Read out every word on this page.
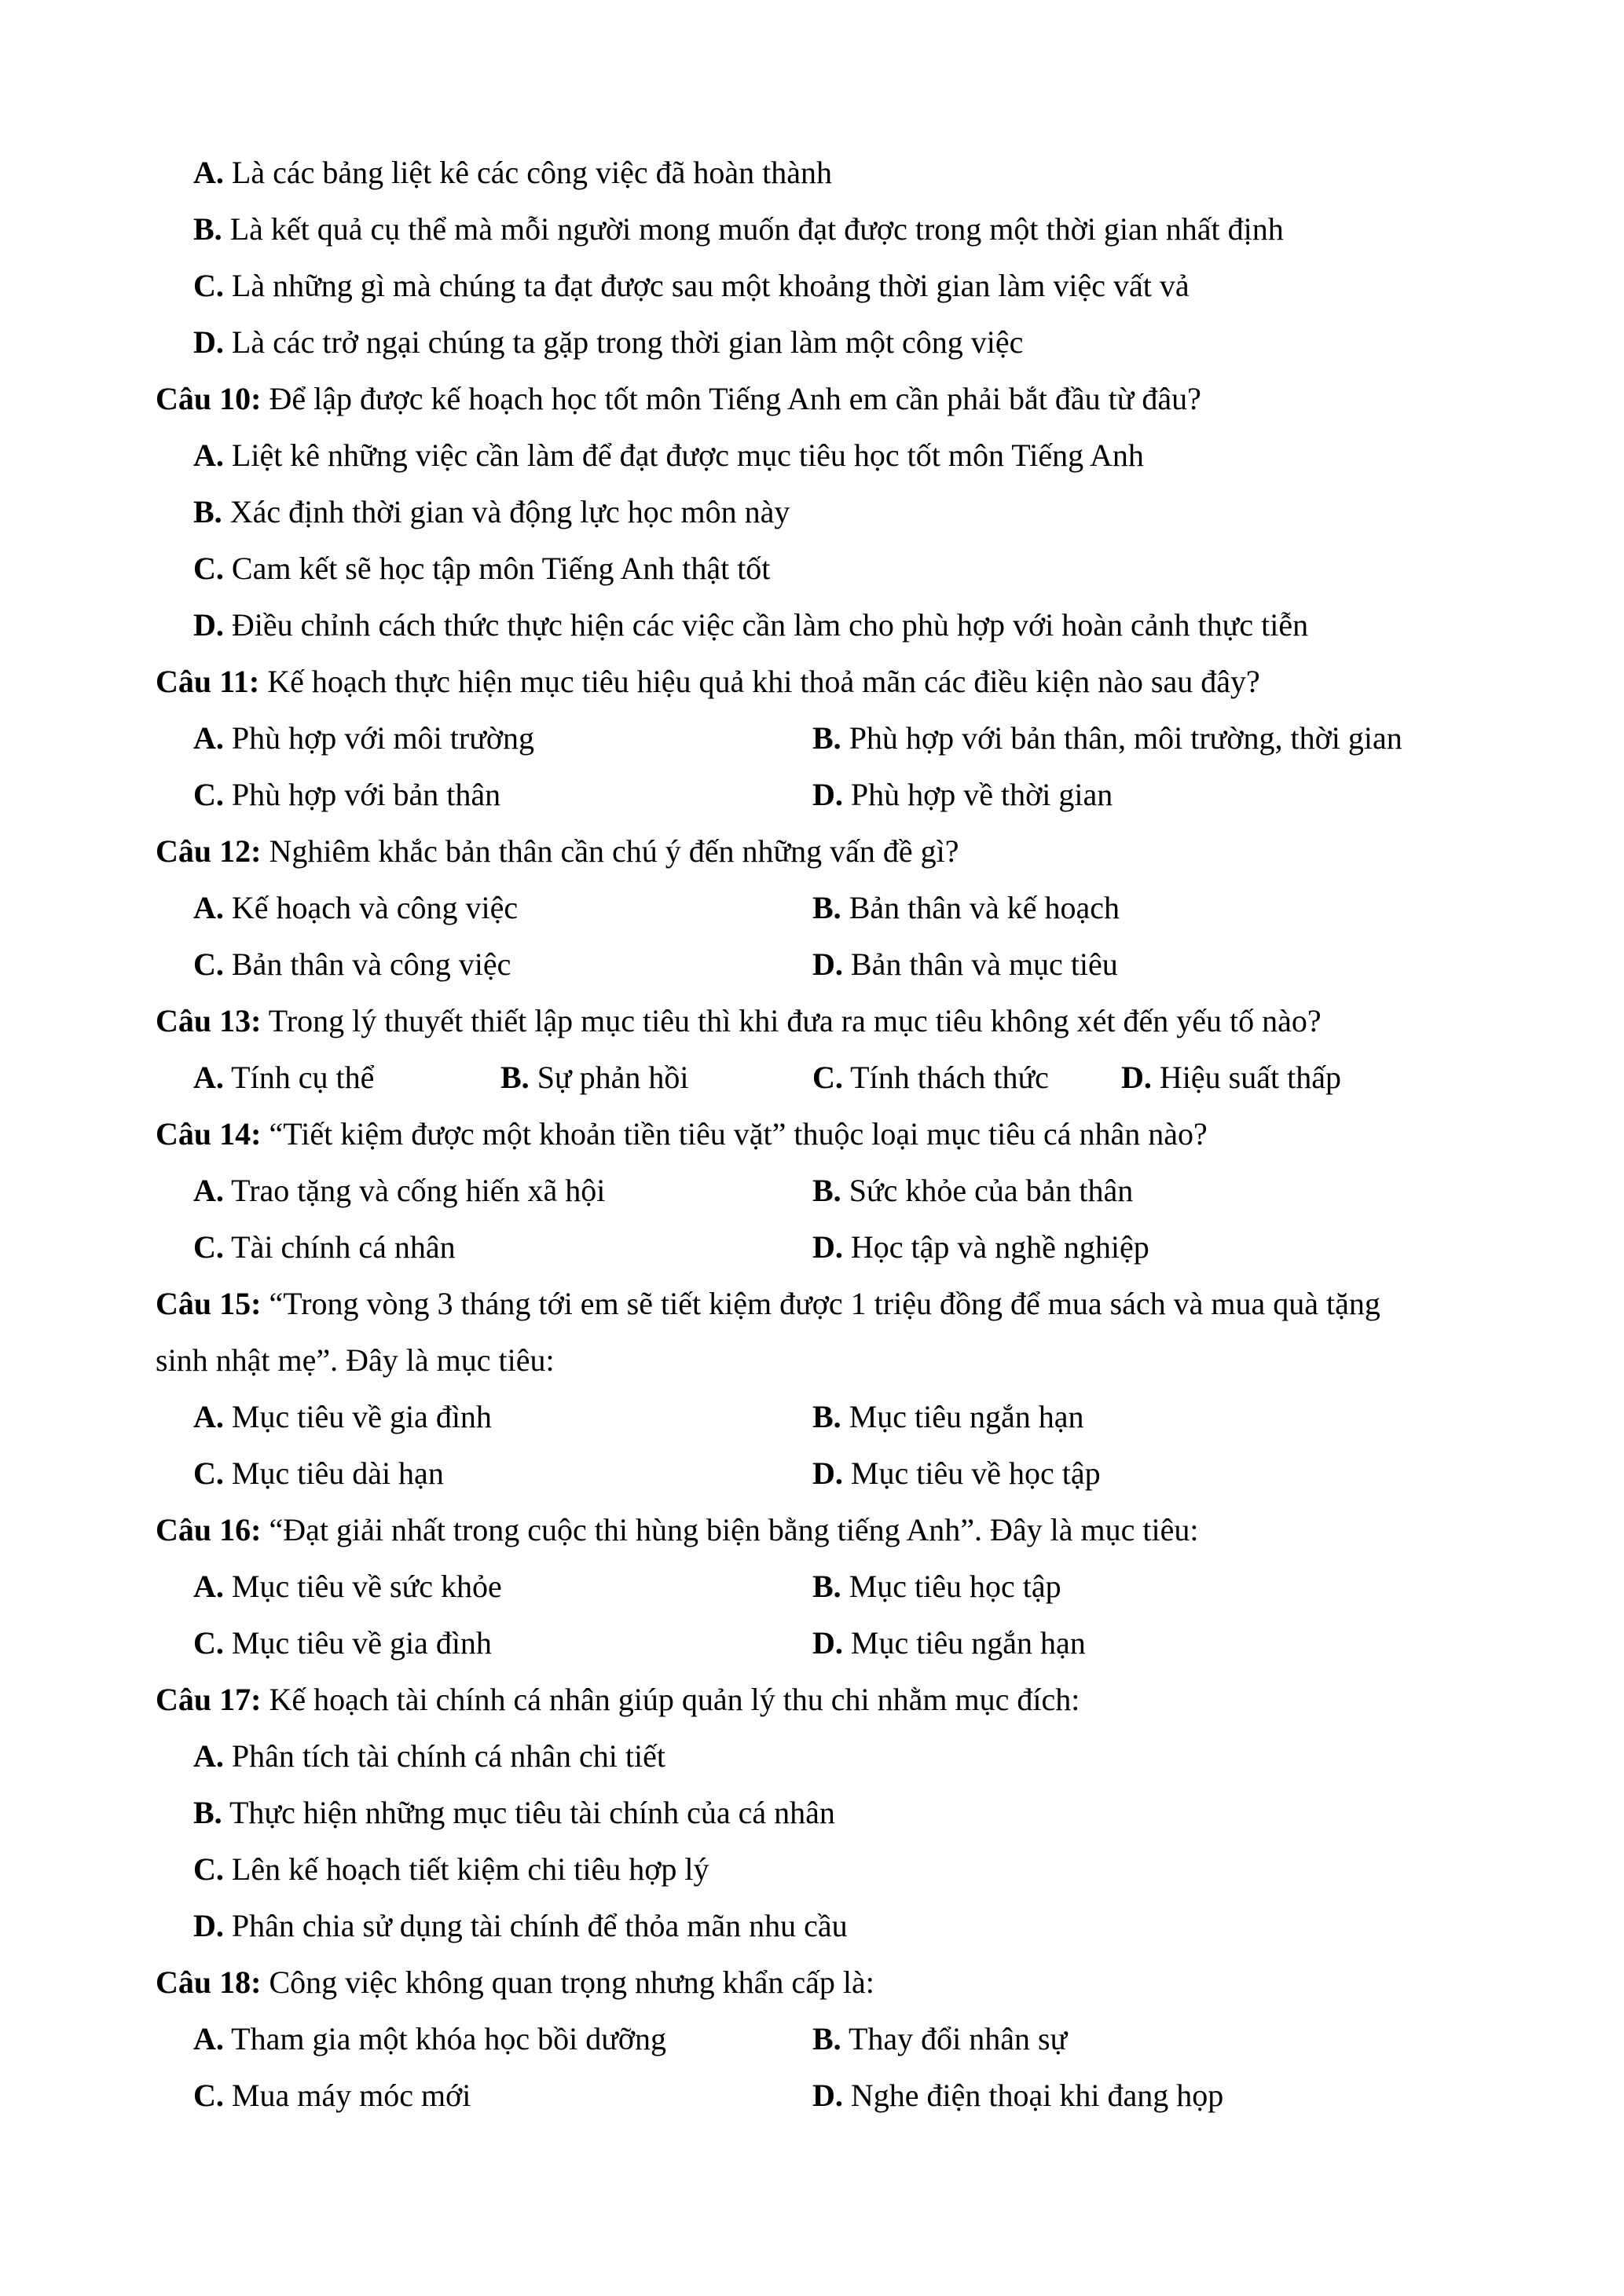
A. Là các bảng liệt kê các công việc đã hoàn thành
B. Là kết quả cụ thể mà mỗi người mong muốn đạt được trong một thời gian nhất định
C. Là những gì mà chúng ta đạt được sau một khoảng thời gian làm việc vất vả
D. Là các trở ngại chúng ta gặp trong thời gian làm một công việc
Câu 10: Để lập được kế hoạch học tốt môn Tiếng Anh em cần phải bắt đầu từ đâu?
A. Liệt kê những việc cần làm để đạt được mục tiêu học tốt môn Tiếng Anh
B. Xác định thời gian và động lực học môn này
C. Cam kết sẽ học tập môn Tiếng Anh thật tốt
D. Điều chỉnh cách thức thực hiện các việc cần làm cho phù hợp với hoàn cảnh thực tiễn
Câu 11: Kế hoạch thực hiện mục tiêu hiệu quả khi thoả mãn các điều kiện nào sau đây?
A. Phù hợp với môi trường	B. Phù hợp với bản thân, môi trường, thời gian
C. Phù hợp với bản thân	D. Phù hợp về thời gian
Câu 12: Nghiêm khắc bản thân cần chú ý đến những vấn đề gì?
A. Kế hoạch và công việc	B. Bản thân và kế hoạch
C. Bản thân và công việc	D. Bản thân và mục tiêu
Câu 13: Trong lý thuyết thiết lập mục tiêu thì khi đưa ra mục tiêu không xét đến yếu tố nào?
A. Tính cụ thể	B. Sự phản hồi	C. Tính thách thức D. Hiệu suất thấp
Câu 14: “Tiết kiệm được một khoản tiền tiêu vặt” thuộc loại mục tiêu cá nhân nào?
A. Trao tặng và cống hiến xã hội	B. Sức khỏe của bản thân
C. Tài chính cá nhân	D. Học tập và nghề nghiệp
Câu 15: “Trong vòng 3 tháng tới em sẽ tiết kiệm được 1 triệu đồng để mua sách và mua quà tặng
sinh nhật mẹ”. Đây là mục tiêu:
A. Mục tiêu về gia đình	B. Mục tiêu ngắn hạn
C. Mục tiêu dài hạn	D. Mục tiêu về học tập
Câu 16: “Đạt giải nhất trong cuộc thi hùng biện bằng tiếng Anh”. Đây là mục tiêu:
A. Mục tiêu về sức khỏe	B. Mục tiêu học tập
C. Mục tiêu về gia đình	D. Mục tiêu ngắn hạn
Câu 17: Kế hoạch tài chính cá nhân giúp quản lý thu chi nhằm mục đích:
A. Phân tích tài chính cá nhân chi tiết
B. Thực hiện những mục tiêu tài chính của cá nhân
C. Lên kế hoạch tiết kiệm chi tiêu hợp lý
D. Phân chia sử dụng tài chính để thỏa mãn nhu cầu
Câu 18: Công việc không quan trọng nhưng khẩn cấp là:
A. Tham gia một khóa học bồi dưỡng	B. Thay đổi nhân sự
C. Mua máy móc mới	D. Nghe điện thoại khi đang họp
